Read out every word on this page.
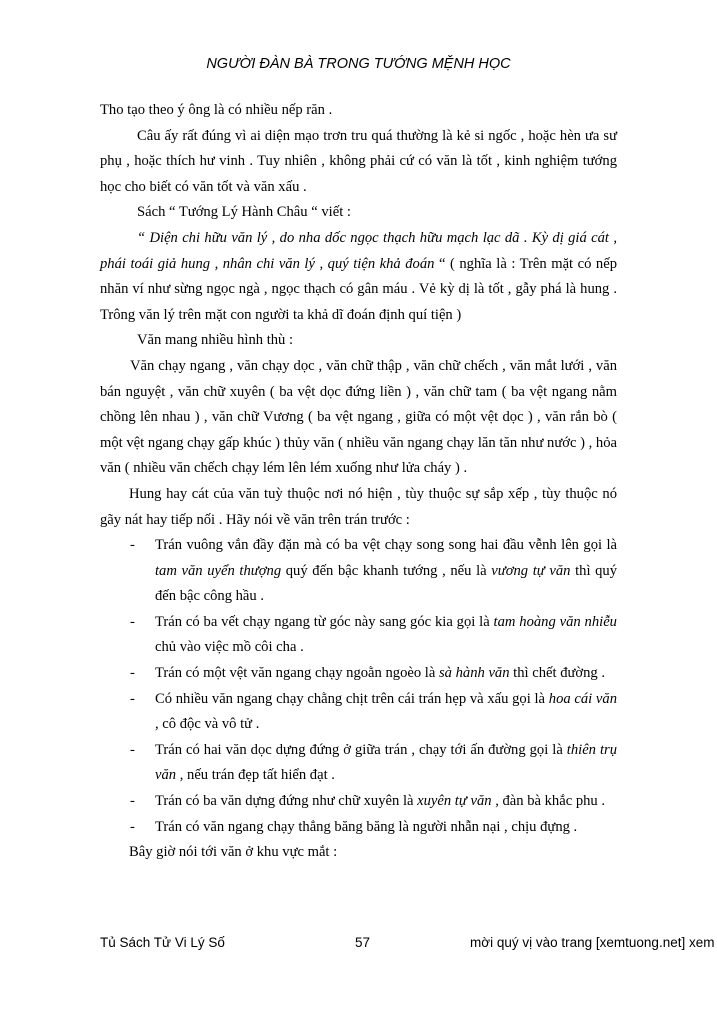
NGƯỜI ĐÀN BÀ TRONG TƯỚNG MỆNH HỌC

Tho tạo theo ý ông là có nhiều nếp răn .

Câu ấy rất đúng vì ai diện mạo trơn tru quá thường là kẻ si ngốc , hoặc hèn ưa sư phụ , hoặc thích hư vinh . Tuy nhiên , không phải cứ có văn là tốt , kinh nghiệm tướng học cho biết có văn tốt và văn xấu .

Sách “ Tướng Lý Hành Châu “ viết :

“ Diện chi hữu văn lý , do nha dốc ngọc thạch hữu mạch lạc dã . Kỳ dị giá cát , phái toái giả hung , nhân chi văn lý , quý tiện khả đoán “ ( nghĩa là : Trên mặt có nếp nhăn ví như sừng ngọc ngà , ngọc thạch có gân máu . Vẻ kỳ dị là tốt , gẫy phá là hung . Trông văn lý trên mặt con người ta khả dĩ đoán định quí tiện )

Văn mang nhiều hình thù :

Văn chạy ngang , văn chạy dọc , văn chữ thập , văn chữ chếch , văn mắt lưới , văn bán nguyệt , văn chữ xuyên ( ba vệt dọc đứng liền ) , văn chữ tam ( ba vệt ngang nằm chồng lên nhau ) , văn chữ Vương ( ba vệt ngang , giữa có một vệt dọc ) , văn rắn bò ( một vệt ngang chạy gấp khúc ) thủy văn ( nhiều văn ngang chạy lăn tăn như nước ) , hỏa văn ( nhiều văn chếch chạy lém lên lém xuống như lửa cháy ) .

Hung hay cát của văn tuỳ thuộc nơi nó hiện , tùy thuộc sự sắp xếp , tùy thuộc nó gãy nát hay tiếp nối . Hãy nói về văn trên trán trước :

- Trán vuông vắn đầy đặn mà có ba vệt chạy song song hai đầu vễnh lên gọi là tam văn uyển thượng quý đến bậc khanh tướng , nếu là vương tự văn thì quý đến bậc công hầu .
- Trán có ba vết chạy ngang từ góc này sang góc kia gọi là tam hoàng văn nhiễu chủ vào việc mồ côi cha .
- Trán có một vệt văn ngang chạy ngoằn ngoèo là sà hành văn thì chết đường .
- Có nhiều văn ngang chạy chằng chịt trên cái trán hẹp và xấu gọi là hoa cái văn , cô độc và vô tử .
- Trán có hai văn dọc dựng đứng ở giữa trán , chạy tới ấn đường gọi là thiên trụ văn , nếu trán đẹp tất hiển đạt .
- Trán có ba văn dựng đứng như chữ xuyên là xuyên tự văn , đàn bà khắc phu .
- Trán có văn ngang chạy thẳng băng băng là người nhẫn nại , chịu đựng .

Bây giờ nói tới văn ở khu vực mắt :

Tủ Sách Tử Vi Lý Số	57	mời quý vị vào trang [xemtuong.net] xem
